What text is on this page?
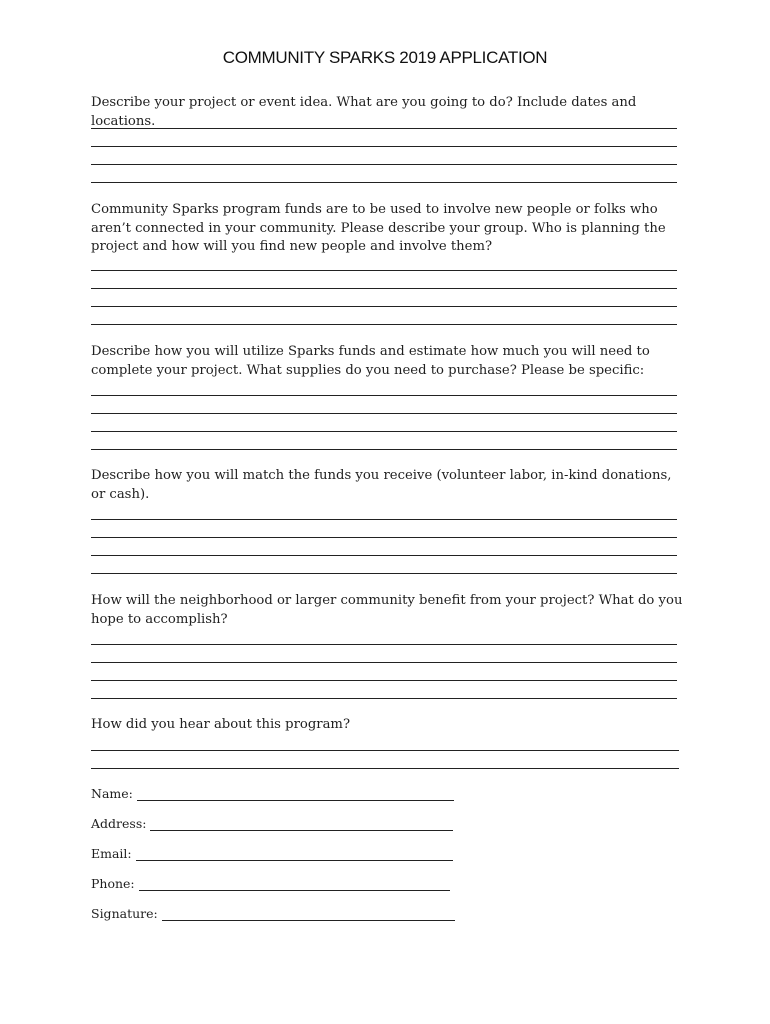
COMMUNITY SPARKS 2019 APPLICATION
Describe your project or event idea. What are you going to do? Include dates and locations.
Community Sparks program funds are to be used to involve new people or folks who aren’t connected in your community. Please describe your group. Who is planning the project and how will you find new people and involve them?
Describe how you will utilize Sparks funds and estimate how much you will need to complete your project. What supplies do you need to purchase? Please be specific:
Describe how you will match the funds you receive (volunteer labor, in-kind donations, or cash).
How will the neighborhood or larger community benefit from your project? What do you hope to accomplish?
How did you hear about this program?
Name:
Address:
Email:
Phone:
Signature:
